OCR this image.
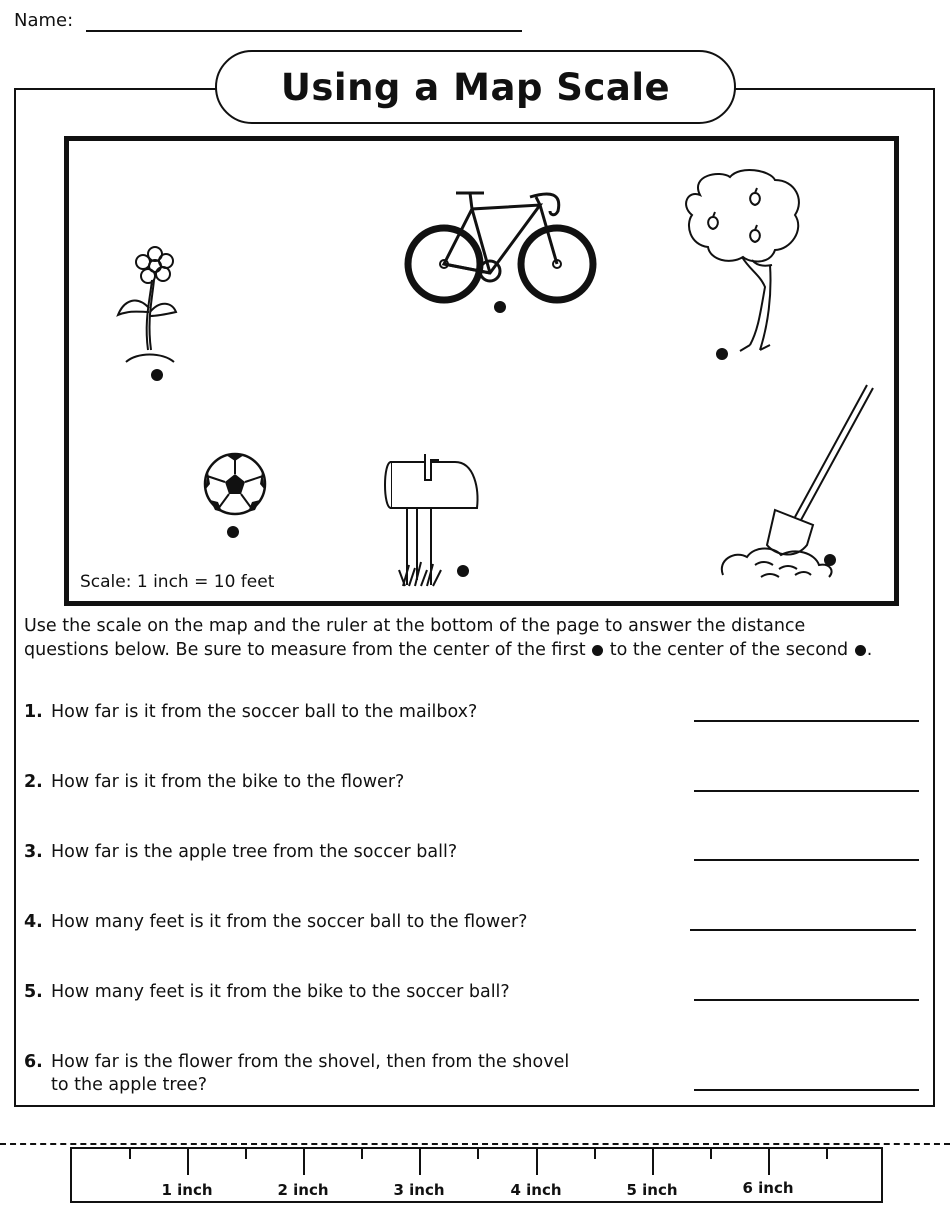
Name:
Using a Map Scale
Scale: 1 inch = 10 feet
Use the scale on the map and the ruler at the bottom of the page to answer the distance
questions below. Be sure to measure from the center of the first to the center of the second .
1. How far is it from the soccer ball to the mailbox?
2. How far is it from the bike to the flower?
3. How far is the apple tree from the soccer ball?
4. How many feet is it from the soccer ball to the flower?
5. How many feet is it from the bike to the soccer ball?
6. How far is the flower from the shovel, then from the shovel
to the apple tree?
1 inch	2 inch	3 inch	4 inch	5 inch	6 inch
